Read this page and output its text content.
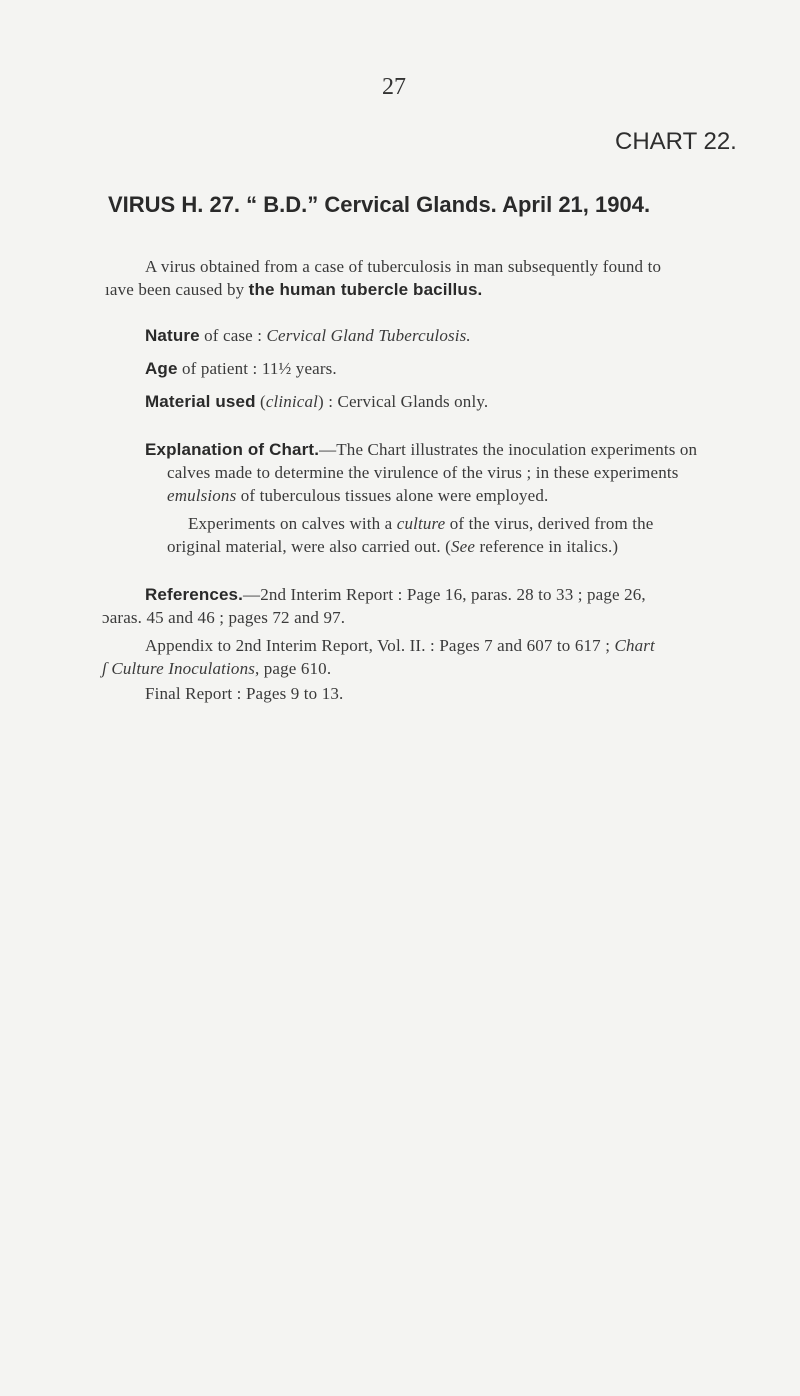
27
CHART 22.
VIRUS H. 27. “ B.D.” Cervical Glands. April 21, 1904.
A virus obtained from a case of tuberculosis in man subsequently found to
ıave been caused by the human tubercle bacillus.
Nature of case : Cervical Gland Tuberculosis.
Age of patient : 11½ years.
Material used (clinical) : Cervical Glands only.
Explanation of Chart.—The Chart illustrates the inoculation experiments on
calves made to determine the virulence of the virus ; in these experiments
emulsions of tuberculous tissues alone were employed.
Experiments on calves with a culture of the virus, derived from the
original material, were also carried out. (See reference in italics.)
References.—2nd Interim Report : Page 16, paras. 28 to 33 ; page 26,
ɔaras. 45 and 46 ; pages 72 and 97.
Appendix to 2nd Interim Report, Vol. II. : Pages 7 and 607 to 617 ; Chart
ʃ Culture Inoculations, page 610.
Final Report : Pages 9 to 13.
